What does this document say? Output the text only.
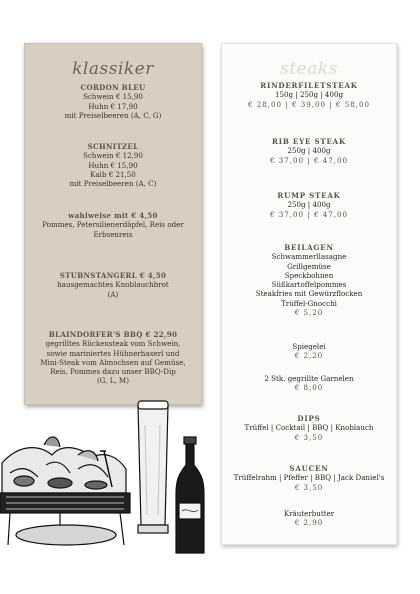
klassiker
CORDON BLEU
Schwein € 15,90
Huhn € 17,90
mit Preiselbeeren (A, C, G)
SCHNITZEL
Schwein € 12,90
Huhn € 15,90
Kalb € 21,50
mit Preiselbeeren (A, C)
wahlweise mit € 4,50
Pommes, Petersilienerdäpfel, Reis oder
Erbsenreis
STUBNSTANGERL € 4,50
hausgemachtes Knoblauchbrot
(A)
BLAINDORFER'S BBQ € 22,90
gegrilltes Rückensteak vom Schwein,
sowie mariniertes Hühnerhaxerl und
Mini-Steak vom Almochsen auf Gemüse,
Reis, Pommes dazu unser BBQ-Dip
(G, L, M)
steaks
RINDERFILETSTEAK
150g | 250g | 400g
€ 28,00 | € 39,00 | € 58,00
RIB EYE STEAK
250g | 400g
€ 37,00 | € 47,00
RUMP STEAK
250g | 400g
€ 37,00 | € 47,00
BEILAGEN
Schwammerllasagne
Grillgemüse
Speckbohnen
Süßkartoffelpommes
Steakfries mit Gewürzflocken
Trüffel-Gnocchi
€ 5,20
Spiegelei
€ 2,20
2 Stk. gegrillte Garnelen
€ 8,00
DIPS
Trüffel | Cocktail | BBQ | Knoblauch
€ 3,50
SAUCEN
Trüffelrahm | Pfeffer | BBQ | Jack Daniel's
€ 3,50
Kräuterbutter
€ 2,90
